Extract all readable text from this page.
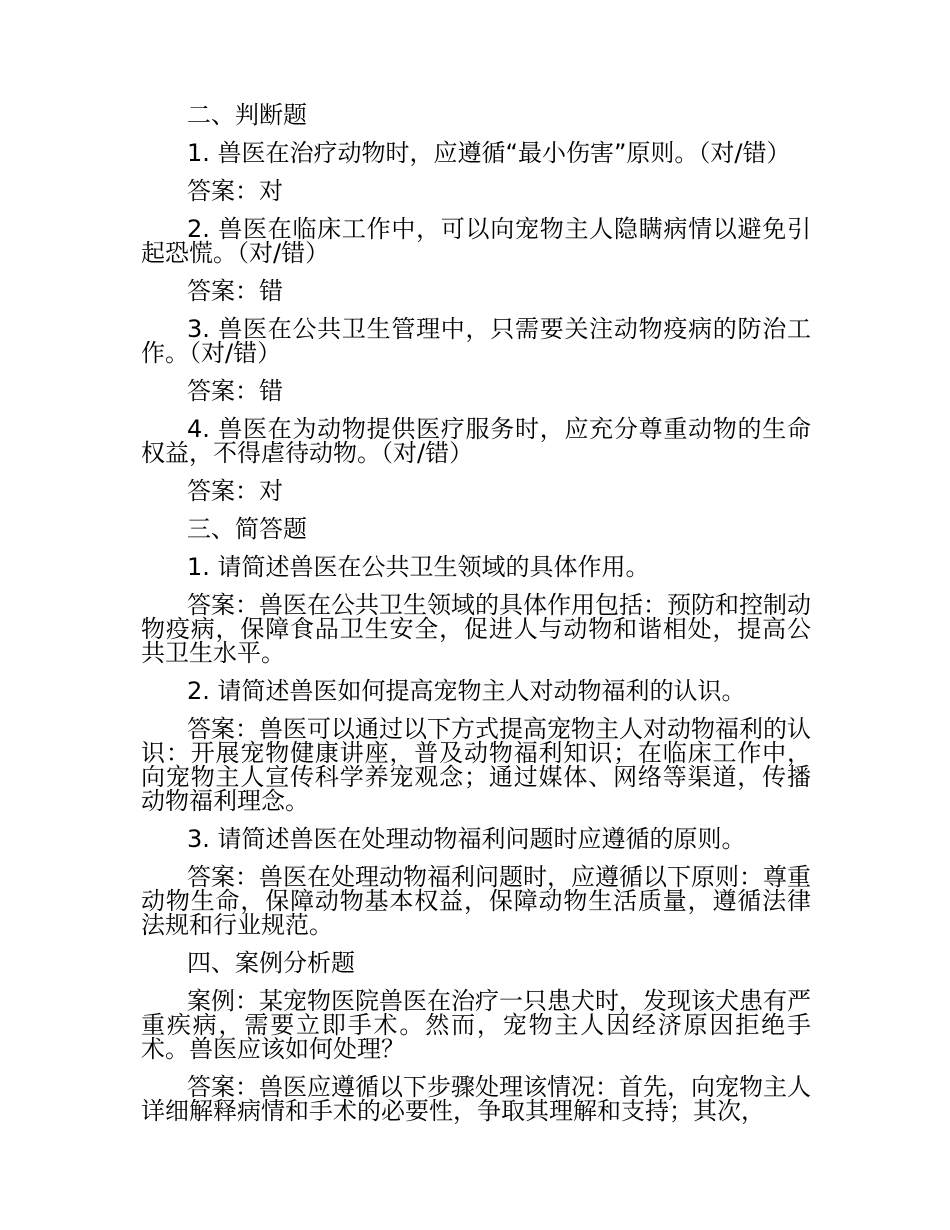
二、判断题

1. 兽医在治疗动物时，应遵循“最小伤害”原则。（对/错）

答案：对

2. 兽医在临床工作中，可以向宠物主人隐瞒病情以避免引起恐慌。（对/错）

答案：错

3. 兽医在公共卫生管理中，只需要关注动物疫病的防治工作。（对/错）

答案：错

4. 兽医在为动物提供医疗服务时，应充分尊重动物的生命权益，不得虐待动物。（对/错）

答案：对

三、简答题

1. 请简述兽医在公共卫生领域的具体作用。

答案：兽医在公共卫生领域的具体作用包括：预防和控制动物疫病，保障食品卫生安全，促进人与动物和谐相处，提高公共卫生水平。

2. 请简述兽医如何提高宠物主人对动物福利的认识。

答案：兽医可以通过以下方式提高宠物主人对动物福利的认识：开展宠物健康讲座，普及动物福利知识；在临床工作中，向宠物主人宣传科学养宠观念；通过媒体、网络等渠道，传播动物福利理念。

3. 请简述兽医在处理动物福利问题时应遵循的原则。

答案：兽医在处理动物福利问题时，应遵循以下原则：尊重动物生命，保障动物基本权益，保障动物生活质量，遵循法律法规和行业规范。

四、案例分析题

案例：某宠物医院兽医在治疗一只患犬时，发现该犬患有严重疾病，需要立即手术。然而，宠物主人因经济原因拒绝手术。兽医应该如何处理？

答案：兽医应遵循以下步骤处理该情况：首先，向宠物主人详细解释病情和手术的必要性，争取其理解和支持；其次，
